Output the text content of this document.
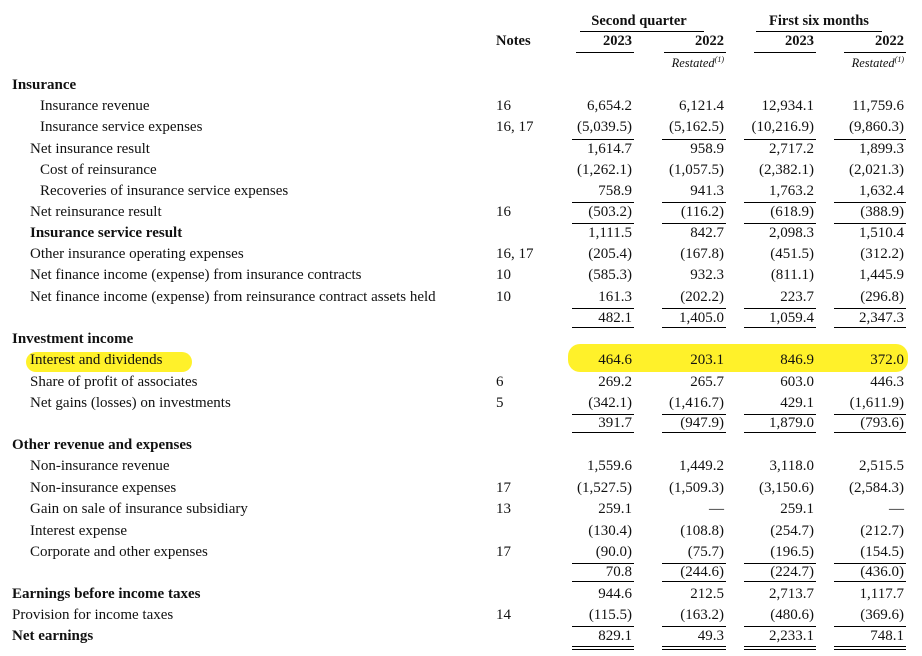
Second quarter	First six months
Notes	2023	2022	2023	2022
Restated$^{(1)}$	Restated$^{(1)}$
Insurance
Insurance revenue	16	6,654.2	6,121.4	12,934.1	11,759.6
Insurance service expenses	16, 17	(5,039.5)	(5,162.5)	(10,216.9)	(9,860.3)
Net insurance result	1,614.7	958.9	2,717.2	1,899.3
Cost of reinsurance	(1,262.1)	(1,057.5)	(2,382.1)	(2,021.3)
Recoveries of insurance service expenses	758.9	941.3	1,763.2	1,632.4
Net reinsurance result	16	(503.2)	(116.2)	(618.9)	(388.9)
Insurance service result	1,111.5	842.7	2,098.3	1,510.4
Other insurance operating expenses	16, 17	(205.4)	(167.8)	(451.5)	(312.2)
Net finance income (expense) from insurance contracts	10	(585.3)	932.3	(811.1)	1,445.9
Net finance income (expense) from reinsurance contract assets held	10	161.3	(202.2)	223.7	(296.8)
482.1	1,405.0	1,059.4	2,347.3
Investment income
Interest and dividends	464.6	203.1	846.9	372.0
Share of profit of associates	6	269.2	265.7	603.0	446.3
Net gains (losses) on investments	5	(342.1)	(1,416.7)	429.1	(1,611.9)
391.7	(947.9)	1,879.0	(793.6)
Other revenue and expenses
Non-insurance revenue	1,559.6	1,449.2	3,118.0	2,515.5
Non-insurance expenses	17	(1,527.5)	(1,509.3)	(3,150.6)	(2,584.3)
Gain on sale of insurance subsidiary	13	259.1	—	259.1	—
Interest expense	(130.4)	(108.8)	(254.7)	(212.7)
Corporate and other expenses	17	(90.0)	(75.7)	(196.5)	(154.5)
70.8	(244.6)	(224.7)	(436.0)
Earnings before income taxes	944.6	212.5	2,713.7	1,117.7
Provision for income taxes	14	(115.5)	(163.2)	(480.6)	(369.6)
Net earnings	829.1	49.3	2,233.1	748.1
